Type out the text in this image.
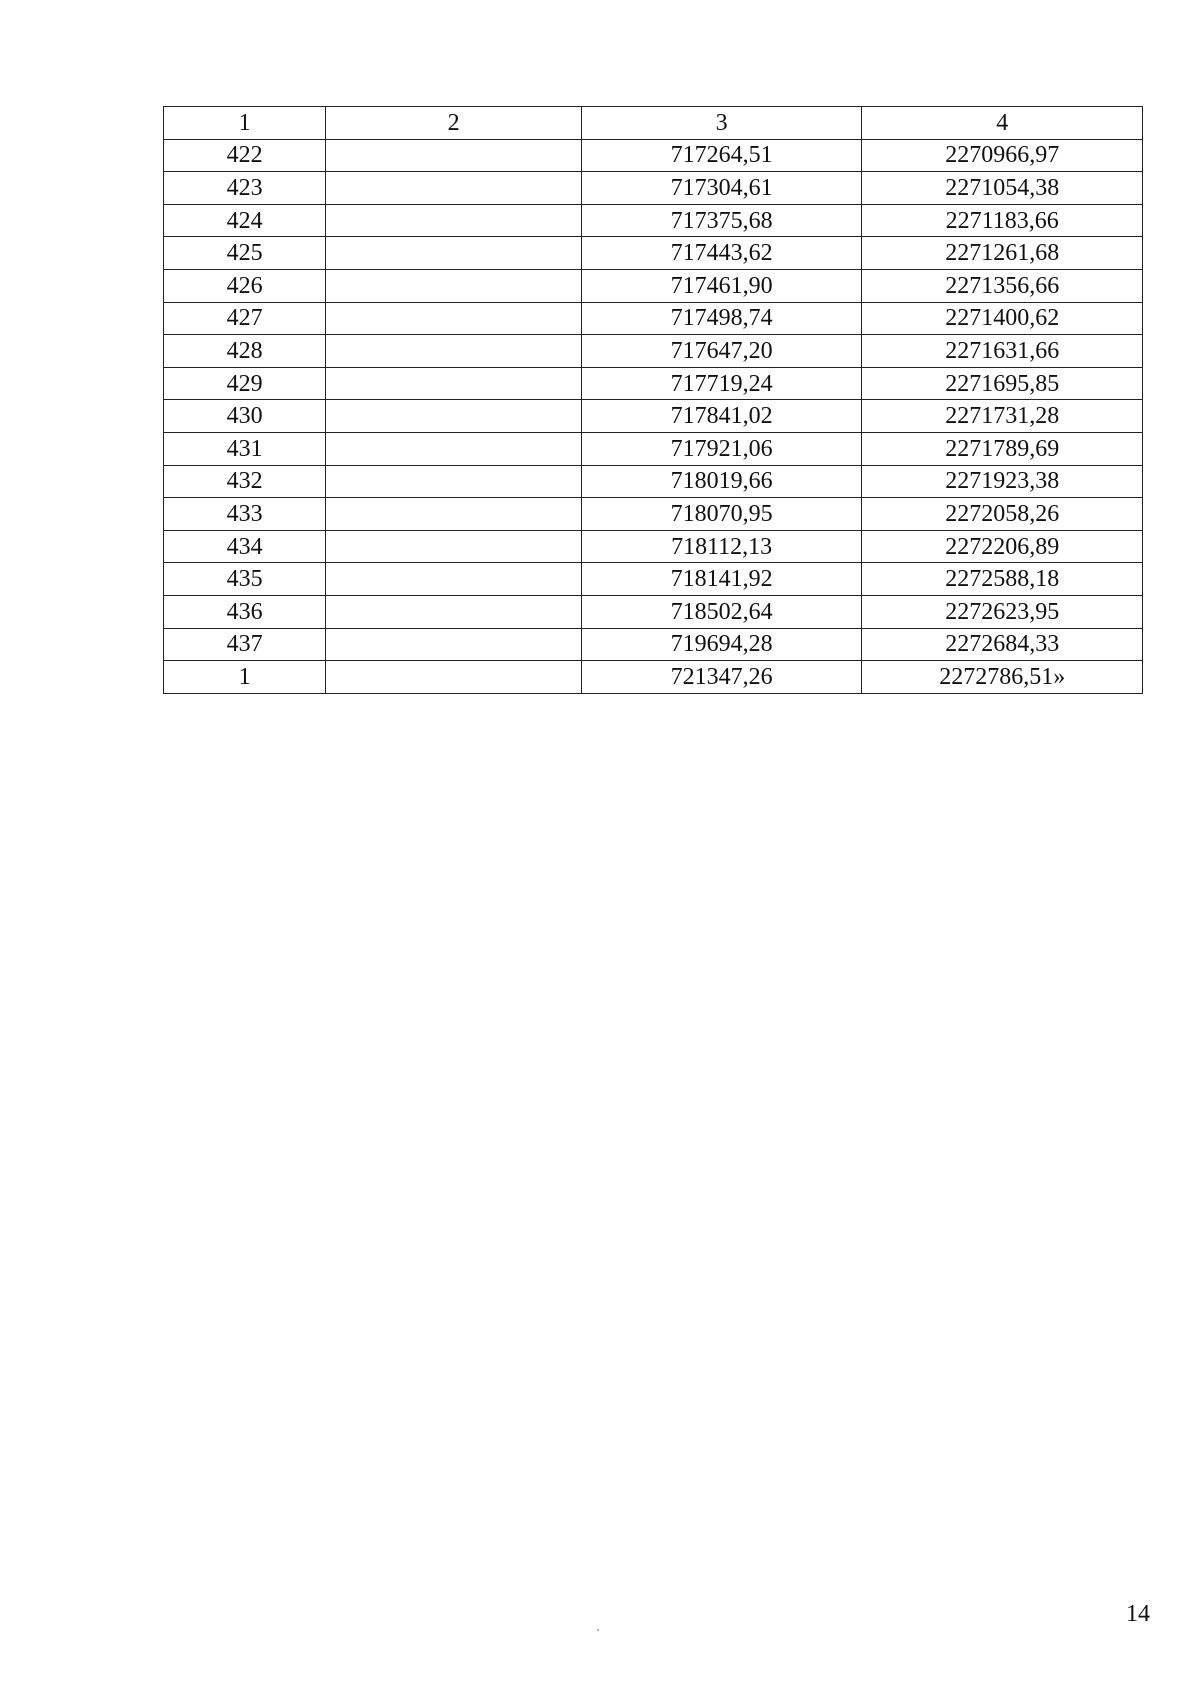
1	2	3	4
422		717264,51	2270966,97
423		717304,61	2271054,38
424		717375,68	2271183,66
425		717443,62	2271261,68
426		717461,90	2271356,66
427		717498,74	2271400,62
428		717647,20	2271631,66
429		717719,24	2271695,85
430		717841,02	2271731,28
431		717921,06	2271789,69
432		718019,66	2271923,38
433		718070,95	2272058,26
434		718112,13	2272206,89
435		718141,92	2272588,18
436		718502,64	2272623,95
437		719694,28	2272684,33
1		721347,26	2272786,51»
14
